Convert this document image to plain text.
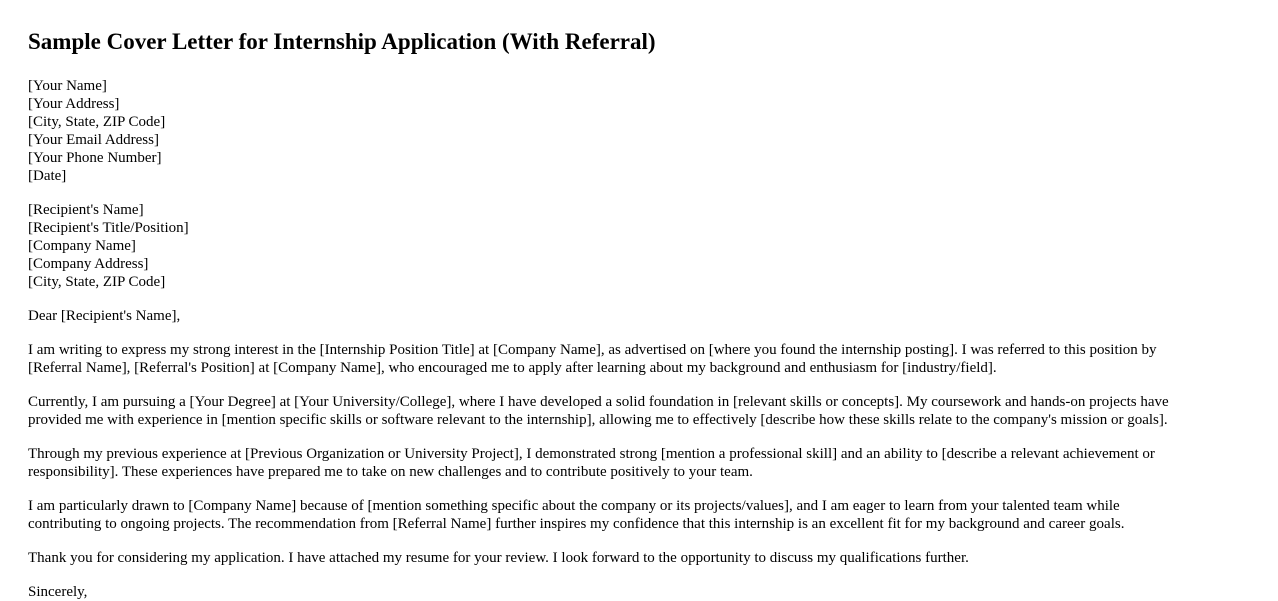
Sample Cover Letter for Internship Application (With Referral)
[Your Name]
[Your Address]
[City, State, ZIP Code]
[Your Email Address]
[Your Phone Number]
[Date]
[Recipient's Name]
[Recipient's Title/Position]
[Company Name]
[Company Address]
[City, State, ZIP Code]

Dear [Recipient's Name],

I am writing to express my strong interest in the [Internship Position Title] at [Company Name], as advertised on [where you found the internship posting]. I was referred to this position by
[Referral Name], [Referral's Position] at [Company Name], who encouraged me to apply after learning about my background and enthusiasm for [industry/field].

Currently, I am pursuing a [Your Degree] at [Your University/College], where I have developed a solid foundation in [relevant skills or concepts]. My coursework and hands-on projects have
provided me with experience in [mention specific skills or software relevant to the internship], allowing me to effectively [describe how these skills relate to the company's mission or goals].

Through my previous experience at [Previous Organization or University Project], I demonstrated strong [mention a professional skill] and an ability to [describe a relevant achievement or
responsibility]. These experiences have prepared me to take on new challenges and to contribute positively to your team.

I am particularly drawn to [Company Name] because of [mention something specific about the company or its projects/values], and I am eager to learn from your talented team while
contributing to ongoing projects. The recommendation from [Referral Name] further inspires my confidence that this internship is an excellent fit for my background and career goals.

Thank you for considering my application. I have attached my resume for your review. I look forward to the opportunity to discuss my qualifications further.

Sincerely,
